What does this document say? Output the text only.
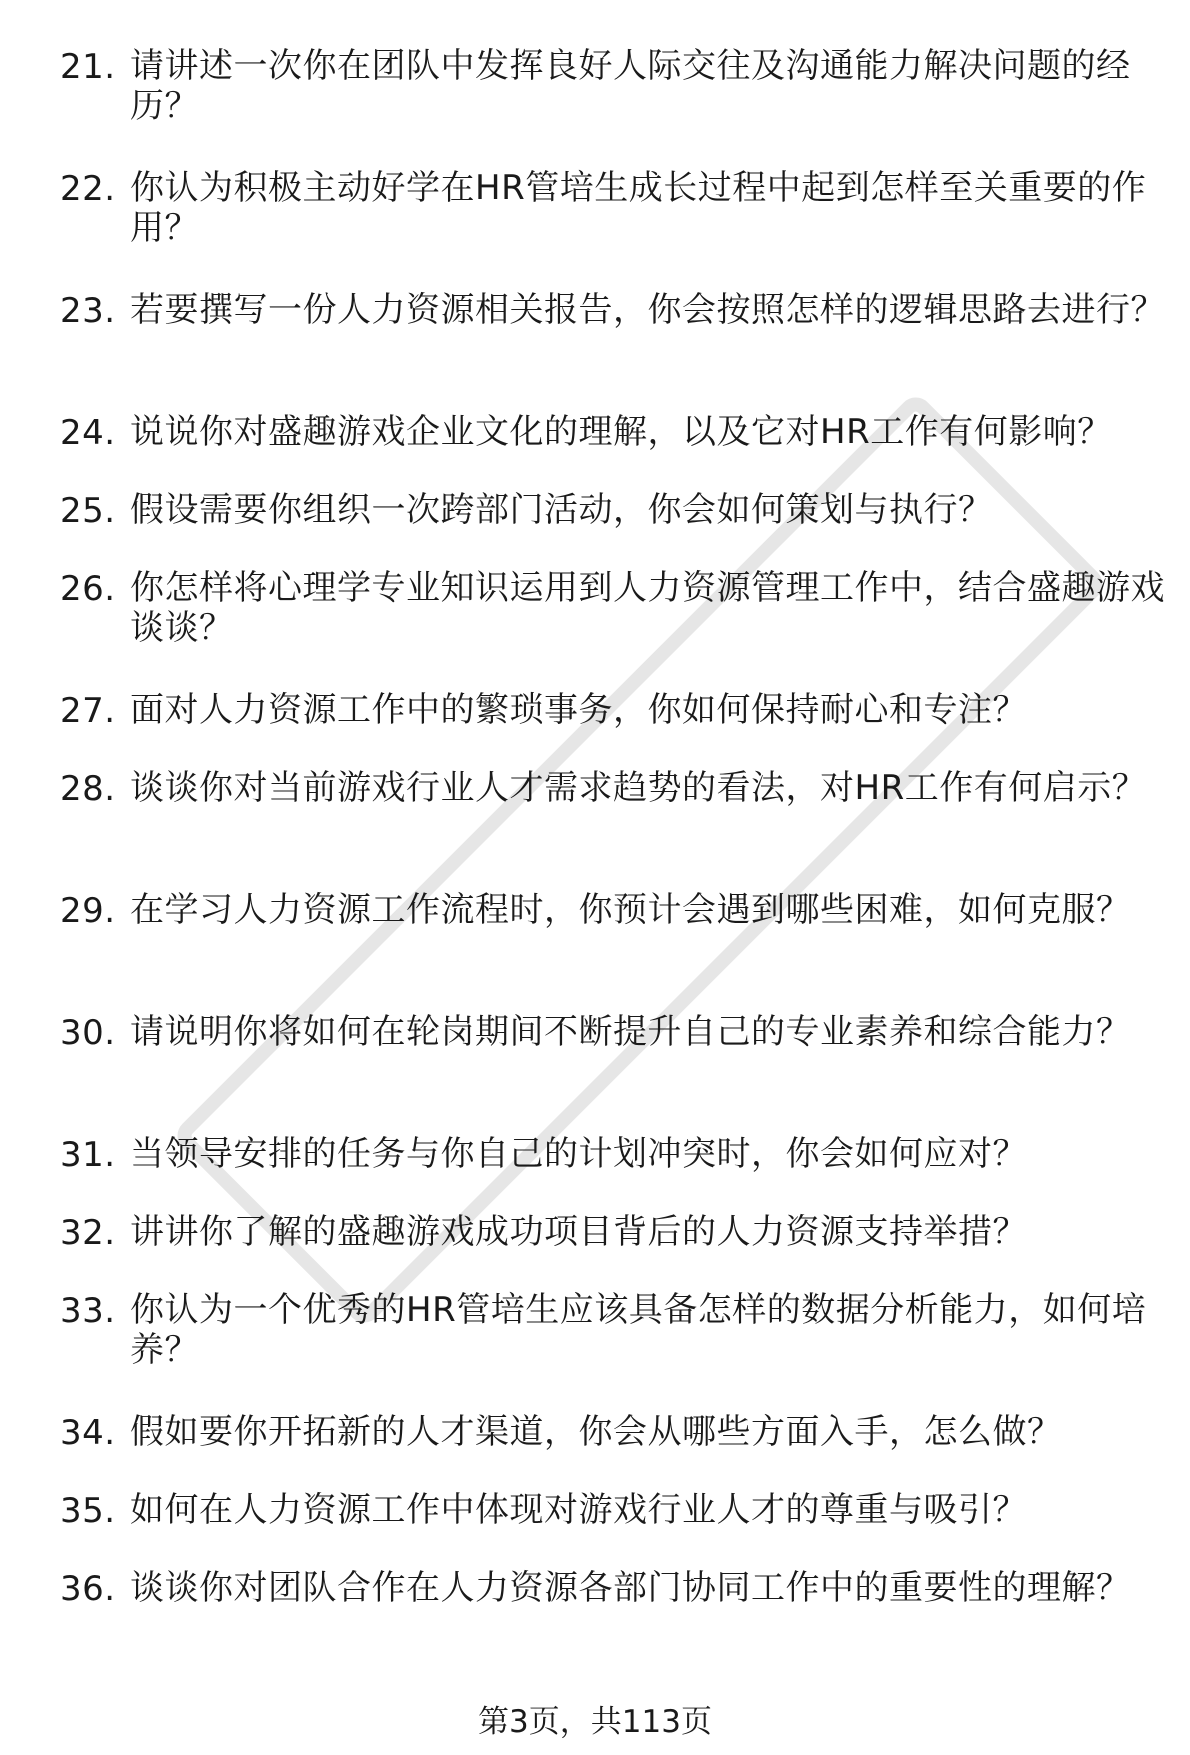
21. 请讲述一次你在团队中发挥良好人际交往及沟通能力解决问题的经历？
22. 你认为积极主动好学在HR管培生成长过程中起到怎样至关重要的作用？
23. 若要撰写一份人力资源相关报告，你会按照怎样的逻辑思路去进行？
24. 说说你对盛趣游戏企业文化的理解，以及它对HR工作有何影响？
25. 假设需要你组织一次跨部门活动，你会如何策划与执行？
26. 你怎样将心理学专业知识运用到人力资源管理工作中，结合盛趣游戏谈谈？
27. 面对人力资源工作中的繁琐事务，你如何保持耐心和专注？
28. 谈谈你对当前游戏行业人才需求趋势的看法，对HR工作有何启示？
29. 在学习人力资源工作流程时，你预计会遇到哪些困难，如何克服？
30. 请说明你将如何在轮岗期间不断提升自己的专业素养和综合能力？
31. 当领导安排的任务与你自己的计划冲突时，你会如何应对？
32. 讲讲你了解的盛趣游戏成功项目背后的人力资源支持举措？
33. 你认为一个优秀的HR管培生应该具备怎样的数据分析能力，如何培养？
34. 假如要你开拓新的人才渠道，你会从哪些方面入手，怎么做？
35. 如何在人力资源工作中体现对游戏行业人才的尊重与吸引？
36. 谈谈你对团队合作在人力资源各部门协同工作中的重要性的理解？
第3页，共113页
